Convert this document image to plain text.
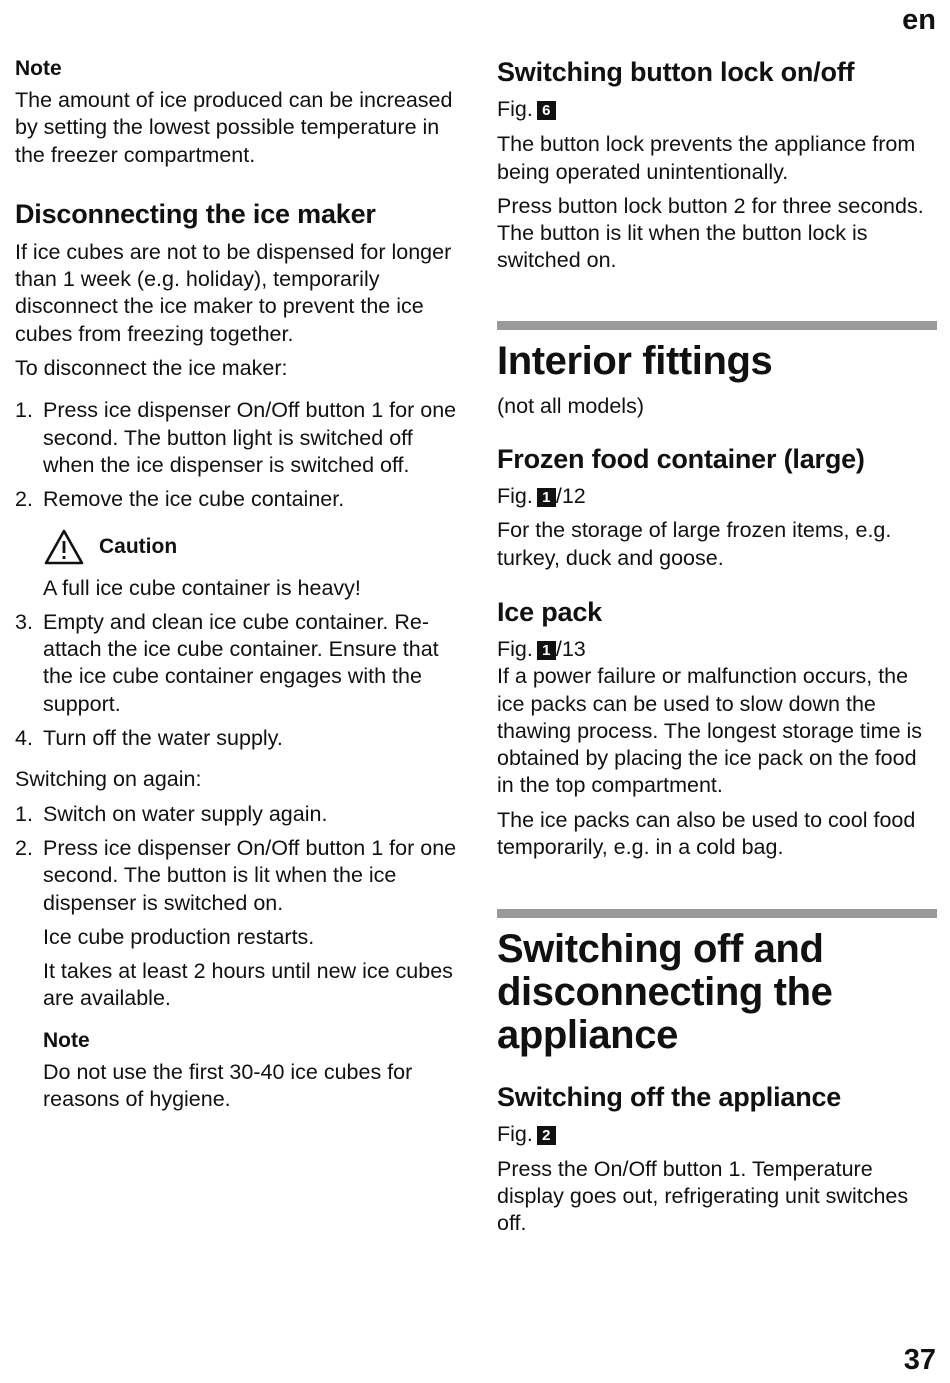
en
Note

The amount of ice produced can be increased by setting the lowest possible temperature in the freezer compartment.

Disconnecting the ice maker

If ice cubes are not to be dispensed for longer than 1 week (e.g. holiday), temporarily disconnect the ice maker to prevent the ice cubes from freezing together.

To disconnect the ice maker:

1. Press ice dispenser On/Off button 1 for one second. The button light is switched off when the ice dispenser is switched off.
2. Remove the ice cube container.
Caution

A full ice cube container is heavy!

3. Empty and clean ice cube container. Re-attach the ice cube container. Ensure that the ice cube container engages with the support.
4. Turn off the water supply.

Switching on again:

1. Switch on water supply again.
2. Press ice dispenser On/Off button 1 for one second. The button is lit when the ice dispenser is switched on.

Ice cube production restarts.

It takes at least 2 hours until new ice cubes are available.

Note

Do not use the first 30-40 ice cubes for reasons of hygiene.

Switching button lock on/off

Fig. 6

The button lock prevents the appliance from being operated unintentionally.

Press button lock button 2 for three seconds. The button is lit when the button lock is switched on.

Interior fittings

(not all models)

Frozen food container (large)

Fig. 1 /12

For the storage of large frozen items, e.g. turkey, duck and goose.

Ice pack

Fig. 1 /13

If a power failure or malfunction occurs, the ice packs can be used to slow down the thawing process. The longest storage time is obtained by placing the ice pack on the food in the top compartment.

The ice packs can also be used to cool food temporarily, e.g. in a cold bag.

Switching off and disconnecting the appliance
Switching off the appliance

Fig. 2

Press the On/Off button 1. Temperature display goes out, refrigerating unit switches off.

37
